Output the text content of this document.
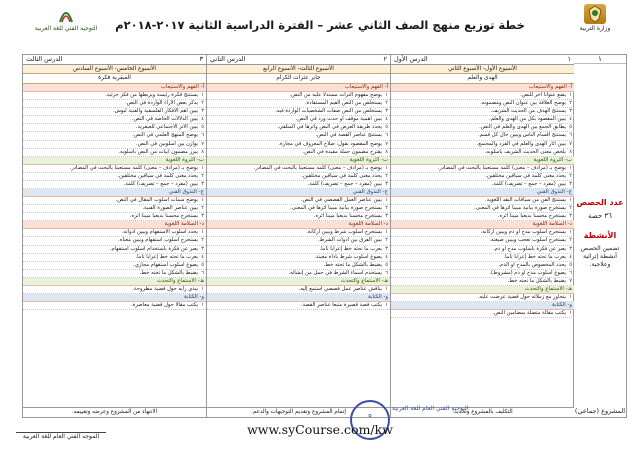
وزارة التربية
التوجيه الفني للغة العربية	خطة توزيع منهج الصف الثاني عشر – الفترة الدراسية الثانية ٢٠١٧-٢٠١٨م
١
عدد الحصص
٣٦ حصة
الأنشطة
تضمين الحصص أنشطة إثرائية وعلاجية.
المشروع (جماعي)
١
الدرس الأول
الأسبوع الأول- الأسبوع الثاني
الهدى والعلم
أ- الفهم والاستيعاب
١يضع عنواناً آخر للنص.
٢يوضح العلاقة بين عنوان النص ومضمونه.
٣يستنتج الهدف من الحديث الشريف.
٤يبين المقصود بكل من الهدى والعلم.
٥يطابق الجمع بين الهدى والعلم في النص.
٦يستنتج أقسام الناس ويبين حال كل قسم.
٧يبين آثار الهدى والعلم في الفرد والمجتمع.
٨يلخص معنى الحديث الشريف بأسلوبه.
ب- الثروة اللغوية
١يوضح بـ (مرادف – معنى) كلمة مستعيناً بالبحث في المصادر.
٢يحدد معنى كلمة في سياقين مختلفين.
٣يبين (مفرد – جمع – تصريف) كلمة.
ج- التذوق الفني
١يستنتج الفن من سياقات النقد اللغوية.
٢يستخرج صورة بيانية مبيناً أثرها في المعنى.
٣يستخرج محسناً بديعياً مبيناً أثره.
د- السلامة اللغوية
١يستخرج أسلوب مدح أو ذم ويبين أركانه.
٢يستخرج أسلوب تعجب ويبين صيغته.
٣يعبر عن فكرة بأسلوب مدح أو ذم.
٤يعرب ما تحته خط إعراباً تاماً.
٥يحدد المخصوص بالمدح أو الذم.
٦يصوغ أسلوب مدح أو ذم (مشروط).
٧يضبط بالشكل ما تحته خط.
هـ- الاستماع والتحدث
١يتحاور مع زملائه حول قضية عرضت عليه.
و- الكتابة
١يكتب مقالة متصلة بمضامين النص.
التكليف بالمشروع وتحديد:
٢
الدرس الثاني
الأسبوع الثالث- الأسبوع الرابع
جابر عثرات الكرام
أ- الفهم والاستيعاب
١يوضح مفهوم التراث مستدلاً عليه من النص.
٢يستخلص من النص القيم المستفادة.
٣يستخلص من النص صفات الشخصيات الواردة فيه.
٤يبين أهمية موقف أو حدث ورد في النص.
٥يحدد طريقة العرض في النص وأثرها في المتلقي.
٦يستنتج عناصر القصة في النص.
٧يوضح المقصود بقول: صلاح المعروف في مجارة.
٨يقترح مضمون جملة مفيدة في النص.
ب- الثروة اللغوية
١يوضح بـ (مرادف – معنى) كلمة مستعيناً بالبحث في المصادر.
٢يحدد معنى كلمة في سياقين مختلفين.
٣يبين (مفرد – جمع – تصريف) كلمة.
ج- التذوق الفني
١يبين عناصر العمل القصصي في النص.
٢يستخرج صورة بيانية مبيناً أثرها في المعنى.
٣يستخرج محسناً بديعياً مبيناً أثره.
د- السلامة اللغوية
١يستخرج أسلوب شرط ويبين أركانه.
٢يبين الفرق بين أدوات الشرط.
٣يعرب ما تحته خط إعراباً تاماً.
٤يصوغ أسلوب شرط بأداة معينة.
٥يضبط بالشكل ما تحته خط.
٦يستخدم أسماء الشرط في جمل من إنشائه.
هـ- الاستماع والتحدث
١يناقش عناصر عمل قصصي استمع إليه.
و- الكتابة
١يكتب قصة قصيرة متبعاً عناصر القصة.
إتمام المشروع وتقديم التوجيهات والدعم.
٣
الدرس الثالث
الأسبوع الخامس- الأسبوع السادس
العبقرية فكرة
أ- الفهم والاستيعاب
١يستنتج فكرة رئيسة ويربطها من فكر جزئية.
٢يذكر بعض الآراء الواردة في النص.
٣يبين أهم الأفكار الفلسفية والفنية لبوش.
٤يبين الدلالات الخاصة في النص.
٥يبين الأثر الاجتماعي للعبقرية.
٦يوضح المنهج العلمي في النص.
٧يوازن بين أسلوبين في النص.
٨يبرز مضمون أبيات من النص بأسلوبه.
ب- الثروة اللغوية
١يوضح بـ (مرادف – معنى) كلمة مستعيناً بالبحث في المصادر.
٢يحدد معنى كلمة في سياقين مختلفين.
٣يبين (مفرد – جمع – تصريف) كلمة.
ج- التذوق الفني
١يوضح سمات أسلوب المقال في النص.
٢يبين عناصر الصورة الفنية.
٣يستخرج محسناً بديعياً مبيناً أثره.
د- السلامة اللغوية
١يحدد أسلوب الاستفهام ويبين أدواته.
٢يستخرج أسلوب استفهام ويبين معناه.
٣يعبر عن فكرة باستخدام أسلوب استفهام.
٤يعرب ما تحته خط إعراباً تاماً.
٥يصوغ أسلوب استفهام مجازي.
٦يضبط بالشكل ما تحته خط.
هـ- الاستماع والتحدث
١يبدي رأيه حول قضية مطروحة.
و- الكتابة
١يكتب مقالاً حول قضية معاصرة.
الانتهاء من المشروع وعرضه وتقييمه.
✪
التوجيه الفني العام للغة العربية
الموجه الفني العام للغة العربية	www.syCourse.com/kw
